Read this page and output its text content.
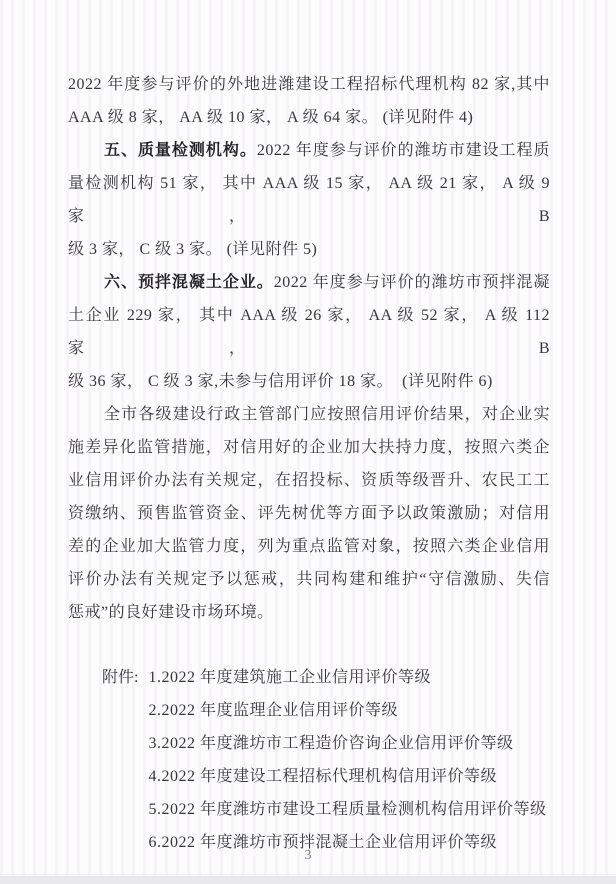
2022 年度参与评价的外地进潍建设工程招标代理机构 82 家,其中
AAA 级 8 家， AA 级 10 家， A 级 64 家。 (详见附件 4)
五、质量检测机构。2022 年度参与评价的潍坊市建设工程质
量检测机构 51 家， 其中 AAA 级 15 家， AA 级 21 家， A 级 9 家， B
级 3 家， C 级 3 家。 (详见附件 5)
六、预拌混凝土企业。2022 年度参与评价的潍坊市预拌混凝
土企业 229 家， 其中 AAA 级 26 家， AA 级 52 家， A 级 112 家， B
级 36 家， C 级 3 家,未参与信用评价 18 家。  (详见附件 6)
全市各级建设行政主管部门应按照信用评价结果，对企业实
施差异化监管措施，对信用好的企业加大扶持力度，按照六类企
业信用评价办法有关规定，在招投标、资质等级晋升、农民工工
资缴纳、预售监管资金、评先树优等方面予以政策激励；对信用
差的企业加大监管力度，列为重点监管对象，按照六类企业信用
评价办法有关规定予以惩戒，共同构建和维护“守信激励、失信
惩戒”的良好建设市场环境。
附件: 1.2022 年度建筑施工企业信用评价等级
2.2022 年度监理企业信用评价等级
3.2022 年度潍坊市工程造价咨询企业信用评价等级
4.2022 年度建设工程招标代理机构信用评价等级
5.2022 年度潍坊市建设工程质量检测机构信用评价等级
6.2022 年度潍坊市预拌混凝土企业信用评价等级
3
